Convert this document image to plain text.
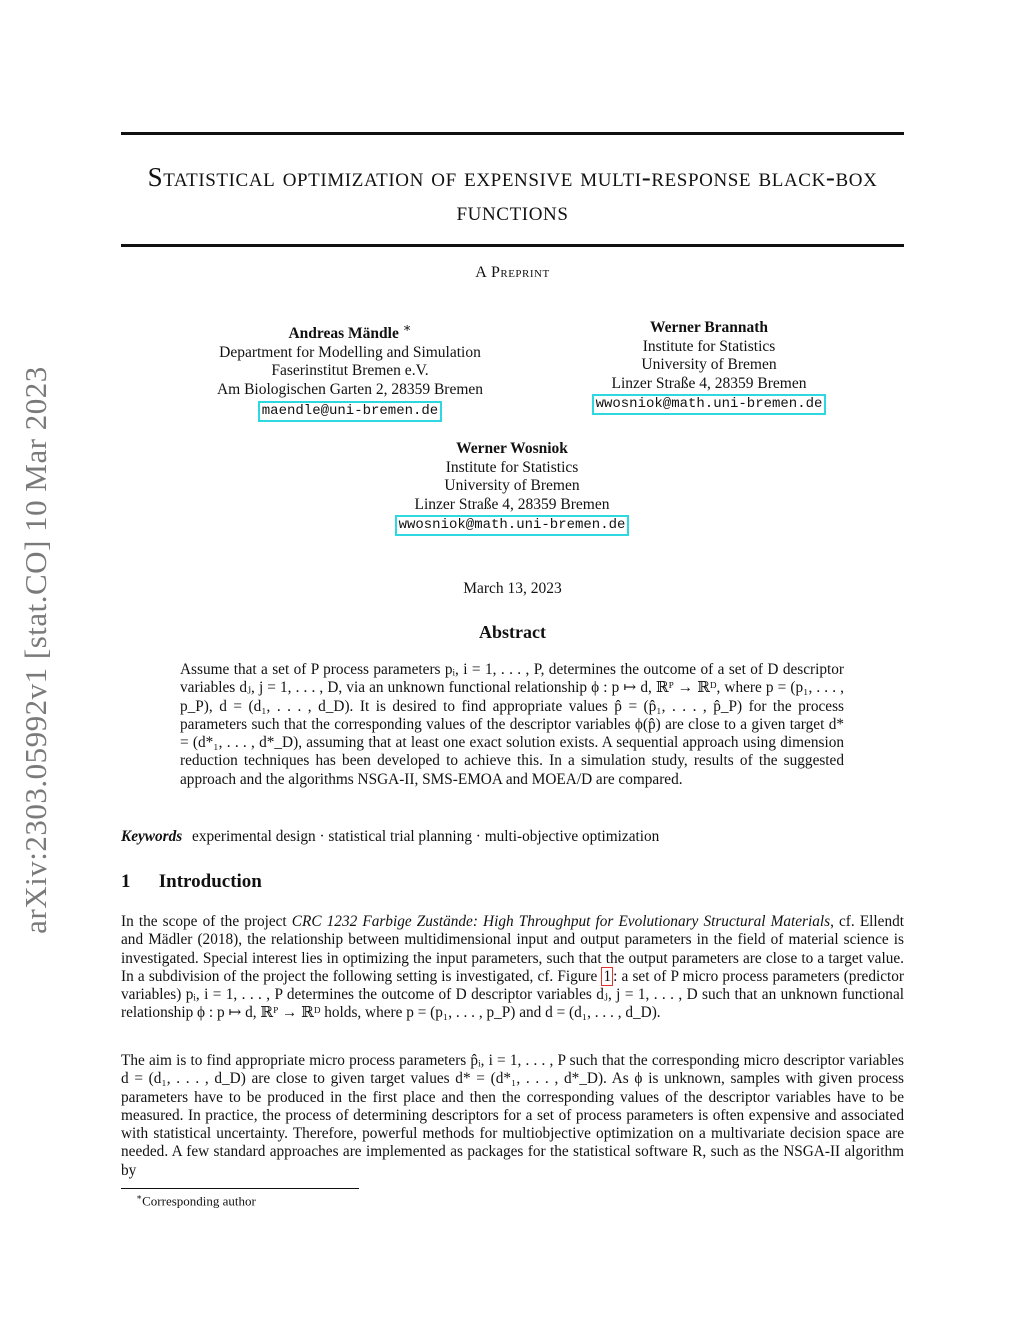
arXiv:2303.05992v1 [stat.CO] 10 Mar 2023
Statistical optimization of expensive multi-response black-box functions
A Preprint
Andreas Mändle ∗
Department for Modelling and Simulation
Faserinstitut Bremen e.V.
Am Biologischen Garten 2, 28359 Bremen
maendle@uni-bremen.de
Werner Brannath
Institute for Statistics
University of Bremen
Linzer Straße 4, 28359 Bremen
wwosniok@math.uni-bremen.de
Werner Wosniok
Institute for Statistics
University of Bremen
Linzer Straße 4, 28359 Bremen
wwosniok@math.uni-bremen.de
March 13, 2023
Abstract
Assume that a set of P process parameters pᵢ, i = 1, . . . , P, determines the outcome of a set of D descriptor variables dⱼ, j = 1, . . . , D, via an unknown functional relationship ϕ : p ↦ d, ℝᴾ → ℝᴰ, where p = (p₁, . . . , p_P), d = (d₁, . . . , d_D). It is desired to find appropriate values p̂ = (p̂₁, . . . , p̂_P) for the process parameters such that the corresponding values of the descriptor variables ϕ(p̂) are close to a given target d* = (d*₁, . . . , d*_D), assuming that at least one exact solution exists. A sequential approach using dimension reduction techniques has been developed to achieve this. In a simulation study, results of the suggested approach and the algorithms NSGA-II, SMS-EMOA and MOEA/D are compared.
Keywords experimental design · statistical trial planning · multi-objective optimization
1 Introduction
In the scope of the project CRC 1232 Farbige Zustände: High Throughput for Evolutionary Structural Materials, cf. Ellendt and Mädler (2018), the relationship between multidimensional input and output parameters in the field of material science is investigated. Special interest lies in optimizing the input parameters, such that the output parameters are close to a target value. In a subdivision of the project the following setting is investigated, cf. Figure 1 : a set of P micro process parameters (predictor variables) pᵢ, i = 1, . . . , P determines the outcome of D descriptor variables dⱼ, j = 1, . . . , D such that an unknown functional relationship ϕ : p ↦ d, ℝᴾ → ℝᴰ holds, where p = (p₁, . . . , p_P) and d = (d₁, . . . , d_D).
The aim is to find appropriate micro process parameters p̂ᵢ, i = 1, . . . , P such that the corresponding micro descriptor variables d = (d₁, . . . , d_D) are close to given target values d* = (d*₁, . . . , d*_D). As ϕ is unknown, samples with given process parameters have to be produced in the first place and then the corresponding values of the descriptor variables have to be measured. In practice, the process of determining descriptors for a set of process parameters is often expensive and associated with statistical uncertainty. Therefore, powerful methods for multiobjective optimization on a multivariate decision space are needed. A few standard approaches are implemented as packages for the statistical software R, such as the NSGA-II algorithm by
∗Corresponding author
